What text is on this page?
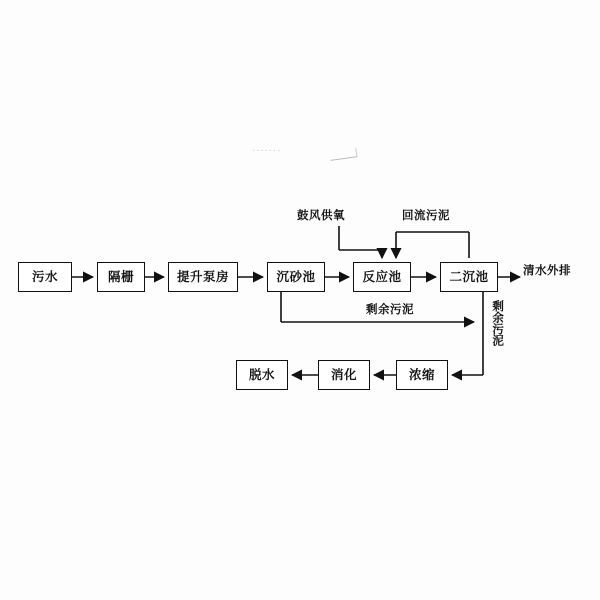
·······
污水	隔栅	提升泵房	沉砂池	反应池	二沉池
浓缩
消化
脱水
鼓风供氧	回流污泥
清水外排
剩余污泥	剩余污泥
